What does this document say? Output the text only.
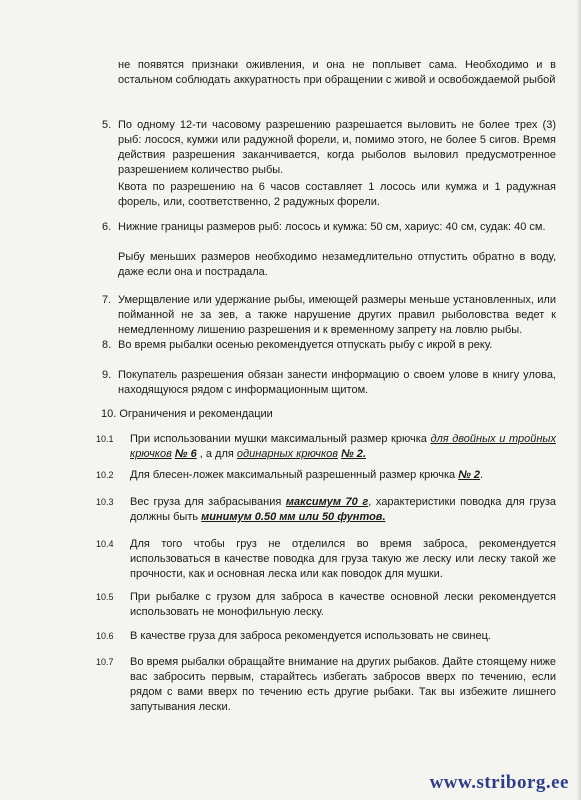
не появятся признаки оживления, и она не поплывет сама. Необходимо и в остальном соблюдать аккуратность при обращении с живой и освобождаемой рыбой

5. По одному 12-ти часовому разрешению разрешается выловить не более трех (3) рыб: лосося, кумжи или радужной форели, и, помимо этого, не более 5 сигов. Время действия разрешения заканчивается, когда рыболов выловил предусмотренное разрешением количество рыбы.

Квота по разрешению на 6 часов составляет 1 лосось или кумжа и 1 радужная форель, или, соответственно, 2 радужных форели.

6. Нижние границы размеров рыб: лосось и кумжа: 50 см, хариус: 40 см, судак: 40 см.

Рыбу меньших размеров необходимо незамедлительно отпустить обратно в воду, даже если она и пострадала.

7. Умерщвление или удержание рыбы, имеющей размеры меньше установленных, или пойманной не за зев, а также нарушение других правил рыболовства ведет к немедленному лишению разрешения и к временному запрету на ловлю рыбы.

8. Во время рыбалки осенью рекомендуется отпускать рыбу с икрой в реку.

9. Покупатель разрешения обязан занести информацию о своем улове в книгу улова, находящуюся рядом с информационным щитом.

10. Ограничения и рекомендации

10.1 При использовании мушки максимальный размер крючка для двойных и тройных крючков № 6 , а для одинарных крючков № 2.

10.2 Для блесен-ложек максимальный разрешенный размер крючка № 2.

10.3 Вес груза для забрасывания максимум 70 г, характеристики поводка для груза должны быть минимум 0.50 мм или 50 фунтов.

10.4 Для того чтобы груз не отделился во время заброса, рекомендуется использоваться в качестве поводка для груза такую же леску или леску такой же прочности, как и основная леска или как поводок для мушки.

10.5 При рыбалке с грузом для заброса в качестве основной лески рекомендуется использовать не монофильную леску.

10.6 В качестве груза для заброса рекомендуется использовать не свинец.

10.7 Во время рыбалки обращайте внимание на других рыбаков. Дайте стоящему ниже вас забросить первым, старайтесь избегать забросов вверх по течению, если рядом с вами вверх по течению есть другие рыбаки. Так вы избежите лишнего запутывания лески.

www.striborg.ee
